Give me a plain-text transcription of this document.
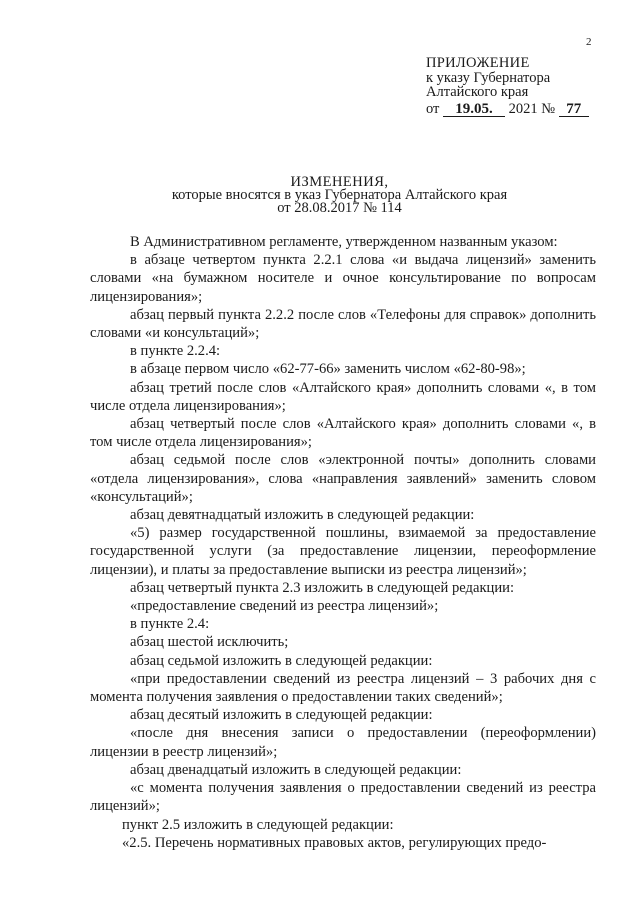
2
ПРИЛОЖЕНИЕ
к указу Губернатора
Алтайского края
от 19.05. 2021 № 77
ИЗМЕНЕНИЯ,
которые вносятся в указ Губернатора Алтайского края
от 28.08.2017 № 114

В Административном регламенте, утвержденном названным указом:

в абзаце четвертом пункта 2.2.1 слова «и выдача лицензий» заменить словами «на бумажном носителе и очное консультирование по вопросам лицензирования»;

абзац первый пункта 2.2.2 после слов «Телефоны для справок» дополнить словами «и консультаций»;

в пункте 2.2.4:

в абзаце первом число «62-77-66» заменить числом «62-80-98»;

абзац третий после слов «Алтайского края» дополнить словами «, в том числе отдела лицензирования»;

абзац четвертый после слов «Алтайского края» дополнить словами «, в том числе отдела лицензирования»;

абзац седьмой после слов «электронной почты» дополнить словами «отдела лицензирования», слова «направления заявлений» заменить словом «консультаций»;

абзац девятнадцатый изложить в следующей редакции:

«5) размер государственной пошлины, взимаемой за предоставление государственной услуги (за предоставление лицензии, переоформление лицензии), и платы за предоставление выписки из реестра лицензий»;

абзац четвертый пункта 2.3 изложить в следующей редакции:

«предоставление сведений из реестра лицензий»;

в пункте 2.4:

абзац шестой исключить;

абзац седьмой изложить в следующей редакции:

«при предоставлении сведений из реестра лицензий – 3 рабочих дня с момента получения заявления о предоставлении таких сведений»;

абзац десятый изложить в следующей редакции:

«после дня внесения записи о предоставлении (переоформлении) лицензии в реестр лицензий»;

абзац двенадцатый изложить в следующей редакции:

«с момента получения заявления о предоставлении сведений из реестра лицензий»;

пункт 2.5 изложить в следующей редакции:

«2.5. Перечень нормативных правовых актов, регулирующих предо-
